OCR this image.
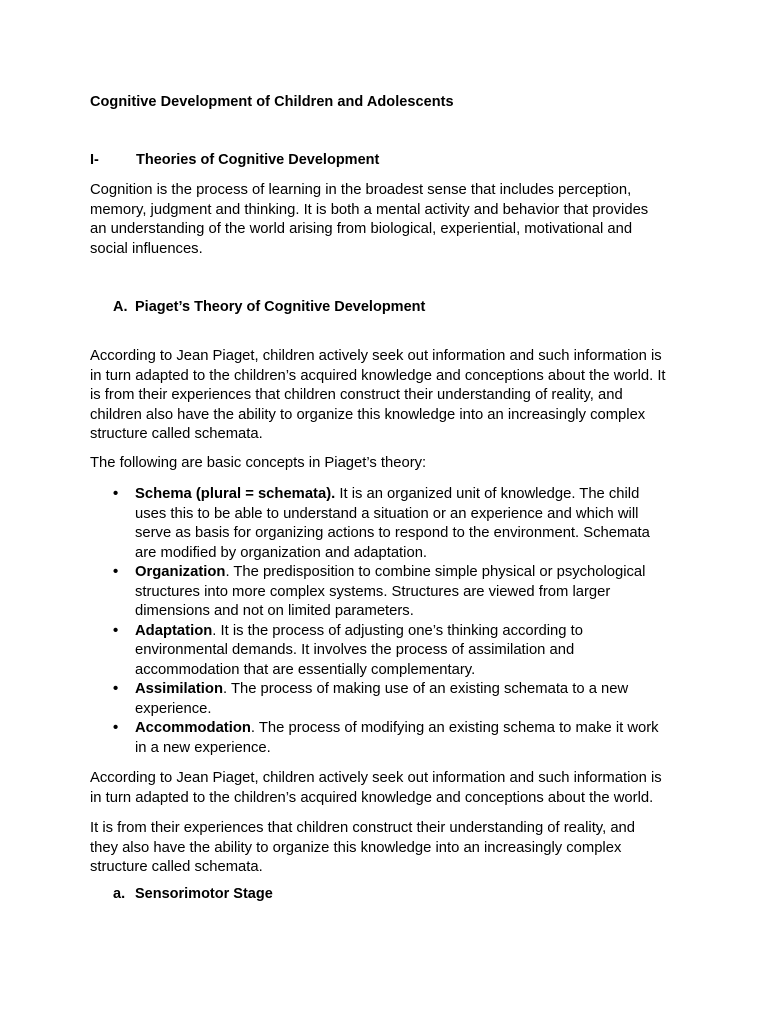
Cognitive Development of Children and Adolescents
I-	Theories of Cognitive Development
Cognition is the process of learning in the broadest sense that includes perception,
memory, judgment and thinking. It is both a mental activity and behavior that provides
an understanding of the world arising from biological, experiential, motivational and
social influences.
A. Piaget’s Theory of Cognitive Development
According to Jean Piaget, children actively seek out information and such information is
in turn adapted to the children’s acquired knowledge and conceptions about the world. It
is from their experiences that children construct their understanding of reality, and
children also have the ability to organize this knowledge into an increasingly complex
structure called schemata.
The following are basic concepts in Piaget’s theory:
• Schema (plural = schemata). It is an organized unit of knowledge. The child
uses this to be able to understand a situation or an experience and which will
serve as basis for organizing actions to respond to the environment. Schemata
are modified by organization and adaptation.
• Organization. The predisposition to combine simple physical or psychological
structures into more complex systems. Structures are viewed from larger
dimensions and not on limited parameters.
• Adaptation. It is the process of adjusting one’s thinking according to
environmental demands. It involves the process of assimilation and
accommodation that are essentially complementary.
• Assimilation. The process of making use of an existing schemata to a new
experience.
• Accommodation. The process of modifying an existing schema to make it work
in a new experience.
According to Jean Piaget, children actively seek out information and such information is
in turn adapted to the children’s acquired knowledge and conceptions about the world.
It is from their experiences that children construct their understanding of reality, and
they also have the ability to organize this knowledge into an increasingly complex
structure called schemata.
a. Sensorimotor Stage
